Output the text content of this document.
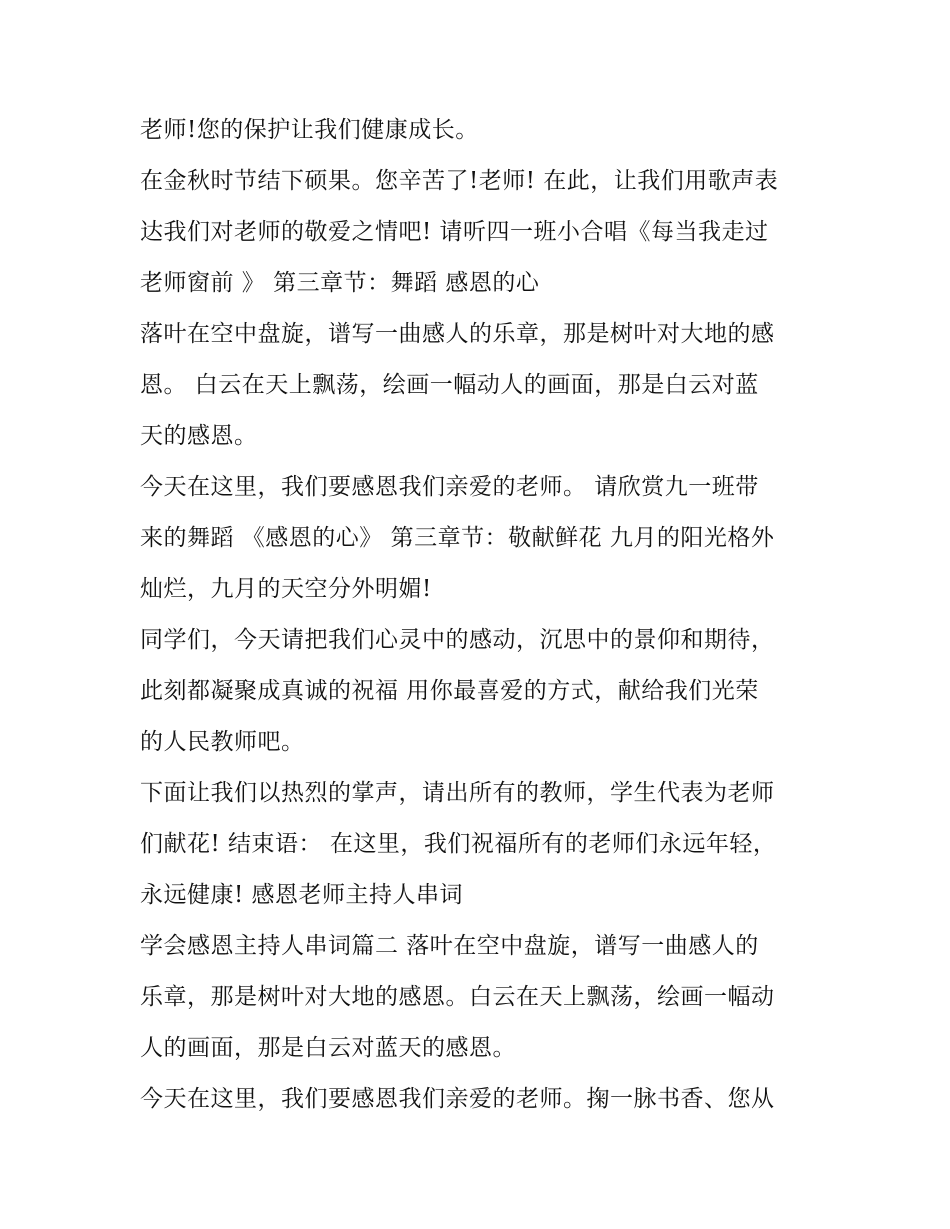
老师!您的保护让我们健康成长。
在金秋时节结下硕果。您辛苦了!老师! 在此，让我们用歌声表
达我们对老师的敬爱之情吧! 请听四一班小合唱《每当我走过
老师窗前 》 第三章节：舞蹈 感恩的心
落叶在空中盘旋，谱写一曲感人的乐章，那是树叶对大地的感
恩。 白云在天上飘荡，绘画一幅动人的画面，那是白云对蓝
天的感恩。
今天在这里，我们要感恩我们亲爱的老师。 请欣赏九一班带
来的舞蹈 《感恩的心》 第三章节：敬献鲜花 九月的阳光格外
灿烂，九月的天空分外明媚!
同学们，今天请把我们心灵中的感动，沉思中的景仰和期待，
此刻都凝聚成真诚的祝福 用你最喜爱的方式，献给我们光荣
的人民教师吧。
下面让我们以热烈的掌声，请出所有的教师，学生代表为老师
们献花! 结束语： 在这里，我们祝福所有的老师们永远年轻，
永远健康! 感恩老师主持人串词
学会感恩主持人串词篇二 落叶在空中盘旋，谱写一曲感人的
乐章，那是树叶对大地的感恩。白云在天上飘荡，绘画一幅动
人的画面，那是白云对蓝天的感恩。
今天在这里，我们要感恩我们亲爱的老师。掬一脉书香、您从
